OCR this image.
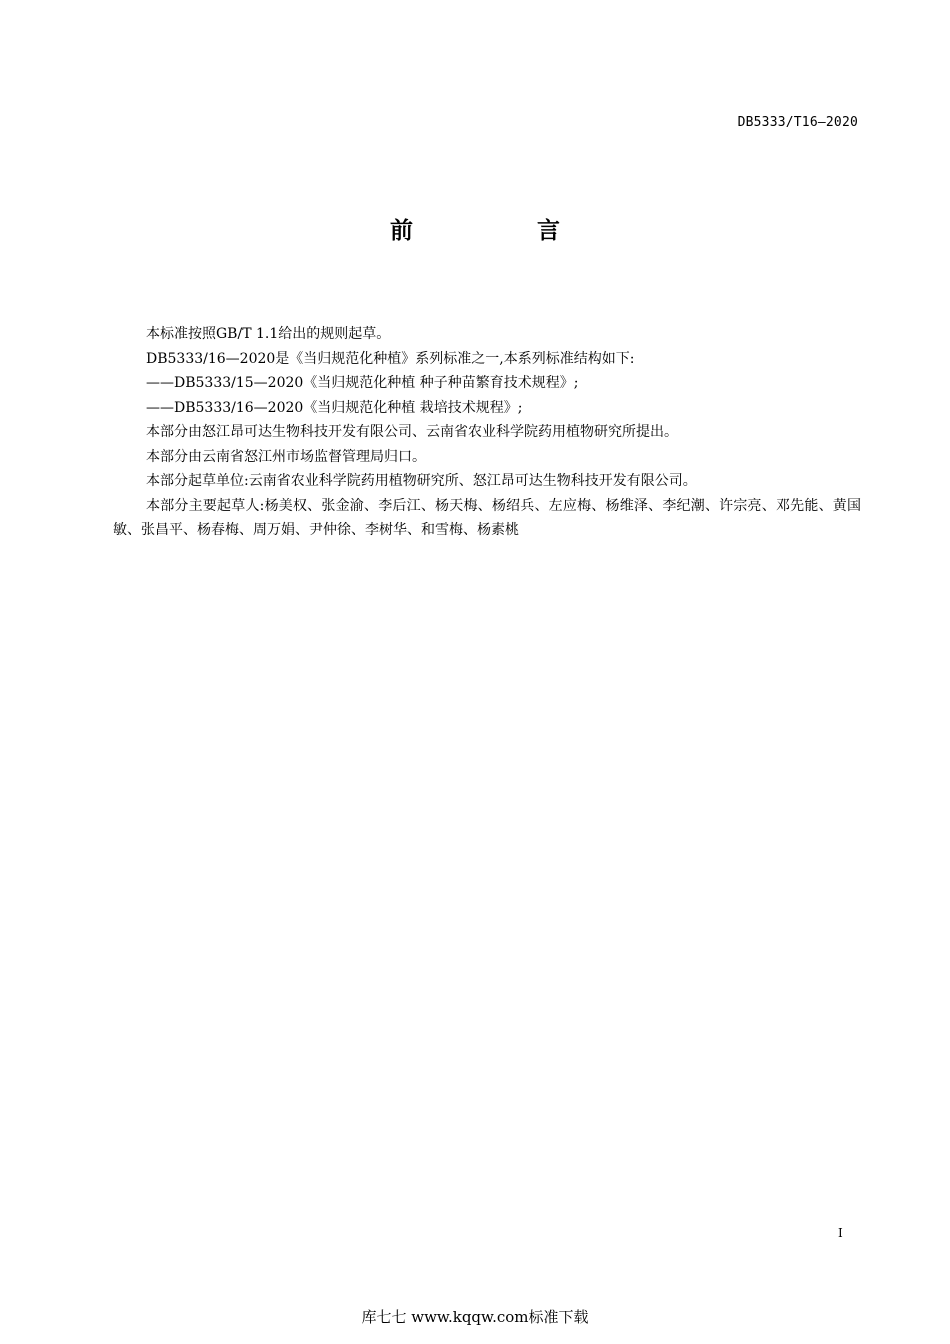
DB5333/T16—2020
前 言

本标准按照GB/T 1.1给出的规则起草。

DB5333/16—2020是《当归规范化种植》系列标准之一,本系列标准结构如下:

——DB5333/15—2020《当归规范化种植 种子种苗繁育技术规程》;

——DB5333/16—2020《当归规范化种植 栽培技术规程》;

本部分由怒江昂可达生物科技开发有限公司、云南省农业科学院药用植物研究所提出。

本部分由云南省怒江州市场监督管理局归口。

本部分起草单位:云南省农业科学院药用植物研究所、怒江昂可达生物科技开发有限公司。

本部分主要起草人:杨美权、张金渝、李后江、杨天梅、杨绍兵、左应梅、杨维泽、李纪潮、许宗亮、邓先能、黄国敏、张昌平、杨春梅、周万娟、尹仲徐、李树华、和雪梅、杨素桃

I
库七七 www.kqqw.com标准下载
